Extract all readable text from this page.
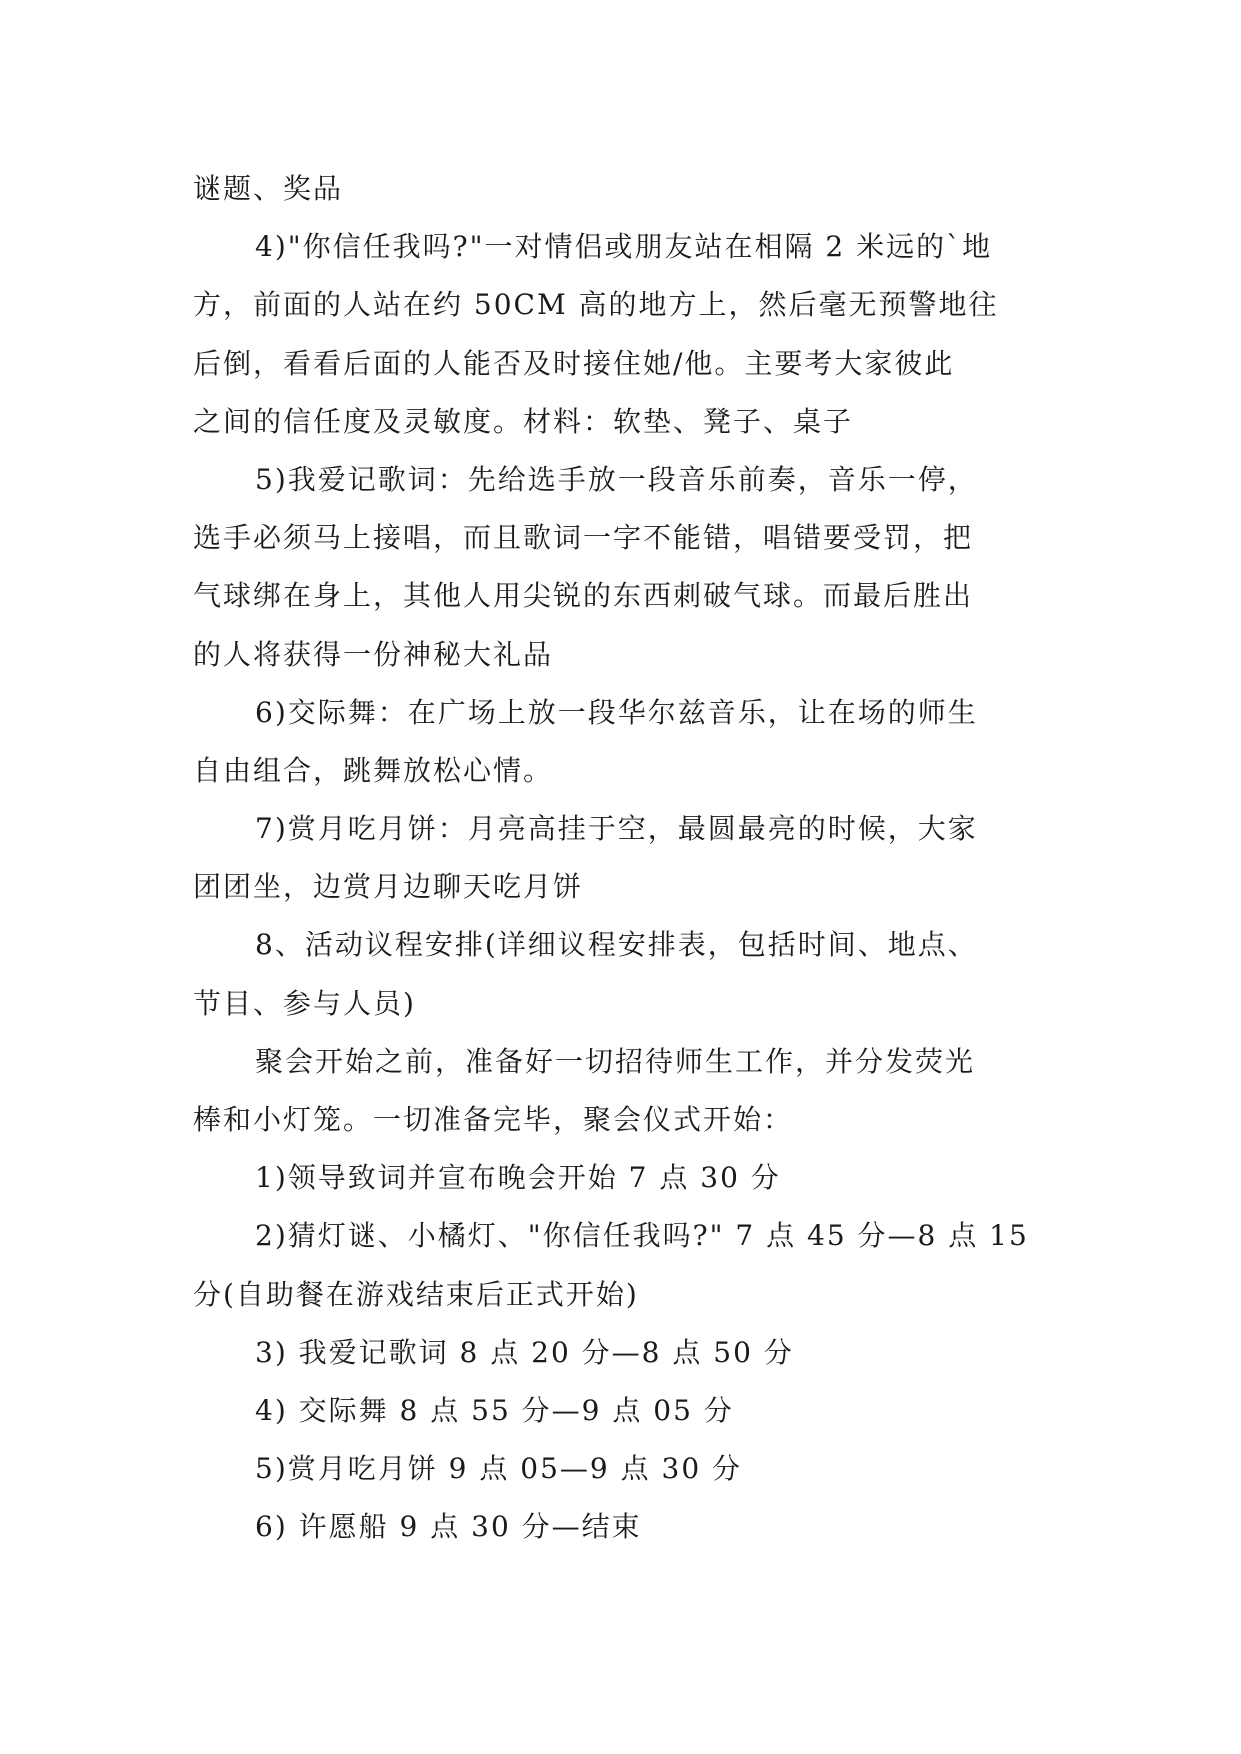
谜题、奖品
4)"你信任我吗?"一对情侣或朋友站在相隔 2 米远的`地
方，前面的人站在约 50CM 高的地方上，然后毫无预警地往
后倒，看看后面的人能否及时接住她/他。主要考大家彼此
之间的信任度及灵敏度。材料：软垫、凳子、桌子
5)我爱记歌词：先给选手放一段音乐前奏，音乐一停，
选手必须马上接唱，而且歌词一字不能错，唱错要受罚，把
气球绑在身上，其他人用尖锐的东西刺破气球。而最后胜出
的人将获得一份神秘大礼品
6)交际舞：在广场上放一段华尔兹音乐，让在场的师生
自由组合，跳舞放松心情。
7)赏月吃月饼：月亮高挂于空，最圆最亮的时候，大家
团团坐，边赏月边聊天吃月饼
8、活动议程安排(详细议程安排表，包括时间、地点、
节目、参与人员)
聚会开始之前，准备好一切招待师生工作，并分发荧光
棒和小灯笼。一切准备完毕，聚会仪式开始：
1)领导致词并宣布晚会开始 7 点 30 分
2)猜灯谜、小橘灯、"你信任我吗?" 7 点 45 分—8 点 15
分(自助餐在游戏结束后正式开始)
3) 我爱记歌词 8 点 20 分—8 点 50 分
4) 交际舞 8 点 55 分—9 点 05 分
5)赏月吃月饼 9 点 05—9 点 30 分
6) 许愿船 9 点 30 分—结束
